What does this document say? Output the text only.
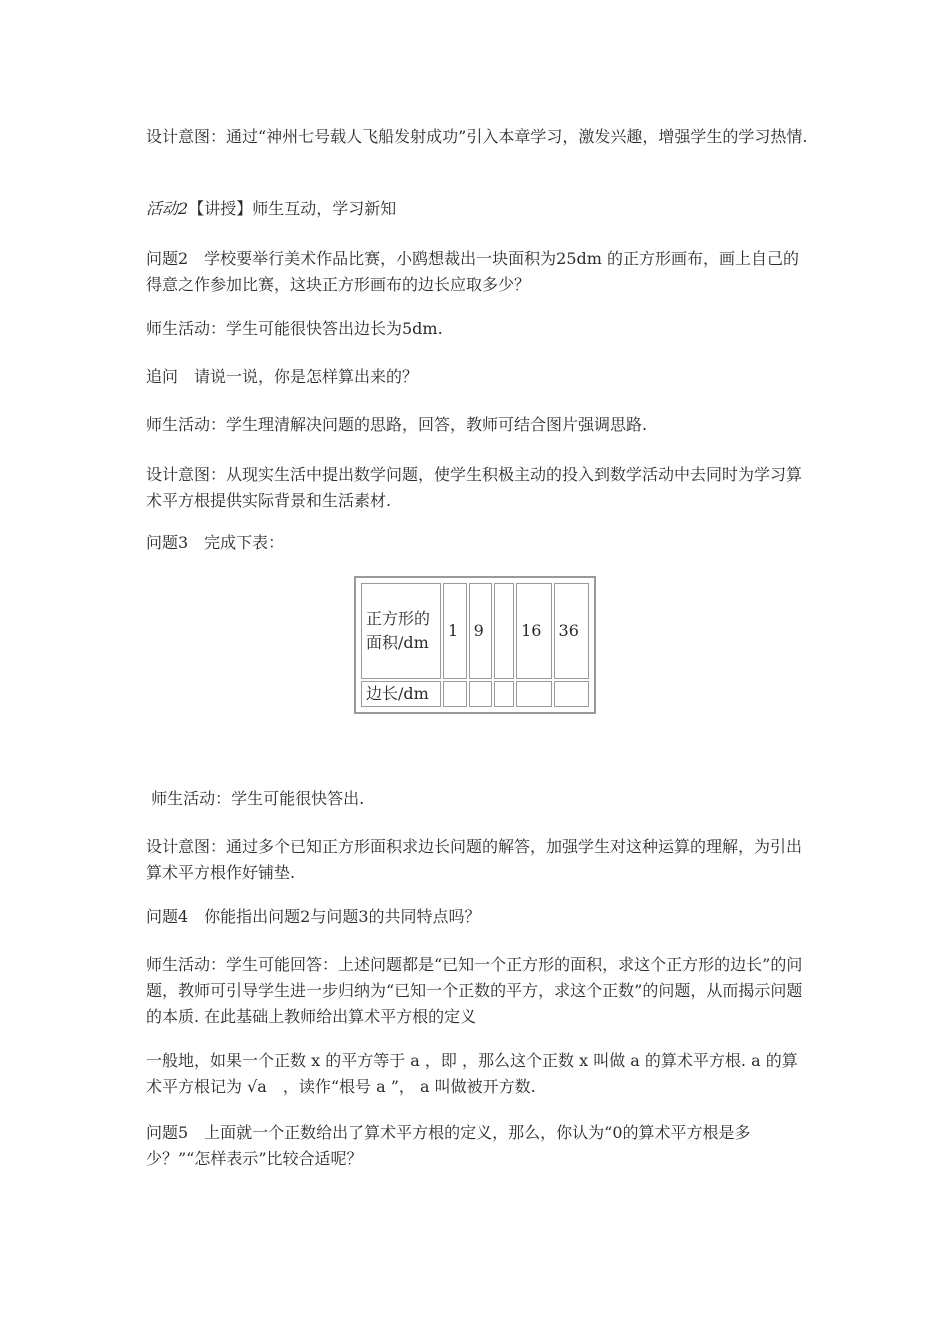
设计意图：通过“神州七号载人飞船发射成功”引入本章学习，激发兴趣，增强学生的学习热情.

活动2【讲授】师生互动，学习新知

问题2　学校要举行美术作品比赛，小鸥想裁出一块面积为25dm 的正方形画布，画上自己的得意之作参加比赛，这块正方形画布的边长应取多少？

师生活动：学生可能很快答出边长为5dm.

追问　请说一说，你是怎样算出来的？

师生活动：学生理清解决问题的思路，回答，教师可结合图片强调思路.

设计意图：从现实生活中提出数学问题，使学生积极主动的投入到数学活动中去同时为学习算术平方根提供实际背景和生活素材.

问题3　完成下表：

正方形的面积/dm	1	9		16	36
边长/dm					

师生活动：学生可能很快答出.

设计意图：通过多个已知正方形面积求边长问题的解答，加强学生对这种运算的理解，为引出算术平方根作好铺垫.

问题4　你能指出问题2与问题3的共同特点吗？

师生活动：学生可能回答：上述问题都是“已知一个正方形的面积，求这个正方形的边长”的问题，教师可引导学生进一步归纳为“已知一个正数的平方，求这个正数”的问题，从而揭示问题的本质. 在此基础上教师给出算术平方根的定义

一般地，如果一个正数 x 的平方等于 a ，即 ，那么这个正数 x 叫做 a 的算术平方根. a 的算术平方根记为 √a　，读作“根号 a ”， a 叫做被开方数.

问题5　上面就一个正数给出了算术平方根的定义，那么，你认为“0的算术平方根是多少？”“怎样表示”比较合适呢？
